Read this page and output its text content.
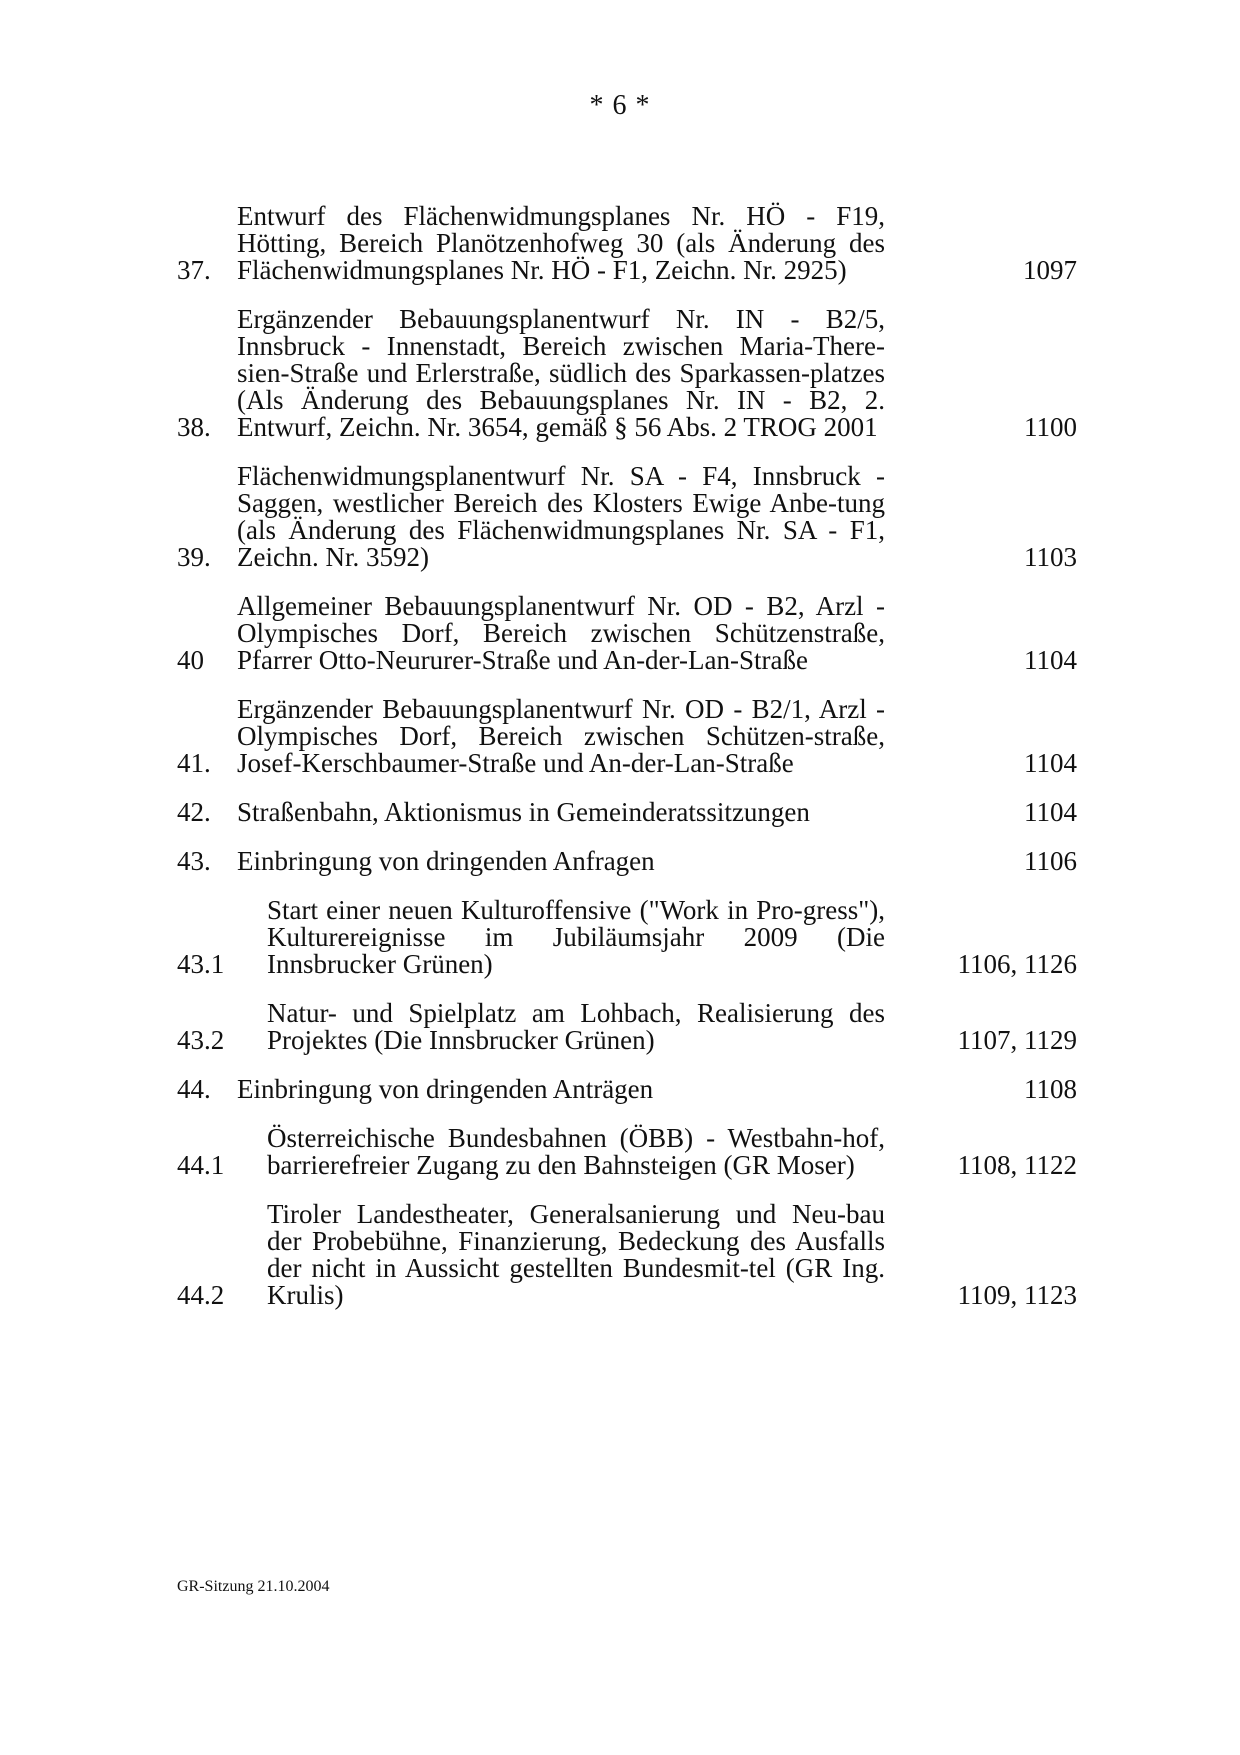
* 6 *
37.
Entwurf des Flächenwidmungsplanes Nr. HÖ - F19, Hötting, Bereich Planötzenhofweg 30 (als Änderung des Flächenwidmungsplanes Nr. HÖ - F1, Zeichn. Nr. 2925)	1097
38.
Ergänzender Bebauungsplanentwurf Nr. IN - B2/5, Innsbruck - Innenstadt, Bereich zwischen Maria-There-sien-Straße und Erlerstraße, südlich des Sparkassen-platzes (Als Änderung des Bebauungsplanes Nr. IN - B2, 2. Entwurf, Zeichn. Nr. 3654, gemäß § 56 Abs. 2 TROG 2001	1100
39.
Flächenwidmungsplanentwurf Nr. SA - F4, Innsbruck - Saggen, westlicher Bereich des Klosters Ewige Anbe-tung (als Änderung des Flächenwidmungsplanes Nr. SA - F1, Zeichn. Nr. 3592)	1103
40
Allgemeiner Bebauungsplanentwurf Nr. OD - B2, Arzl - Olympisches Dorf, Bereich zwischen Schützenstraße, Pfarrer Otto-Neururer-Straße und An-der-Lan-Straße	1104
41.
Ergänzender Bebauungsplanentwurf Nr. OD - B2/1, Arzl - Olympisches Dorf, Bereich zwischen Schützen-straße, Josef-Kerschbaumer-Straße und An-der-Lan-Straße	1104
42. Straßenbahn, Aktionismus in Gemeinderatssitzungen	1104
43. Einbringung von dringenden Anfragen	1106
43.1
Start einer neuen Kulturoffensive ("Work in Pro-gress"), Kulturereignisse im Jubiläumsjahr 2009 (Die Innsbrucker Grünen)	1106, 1126
43.2
Natur- und Spielplatz am Lohbach, Realisierung des Projektes (Die Innsbrucker Grünen)	1107, 1129
44. Einbringung von dringenden Anträgen	1108
44.1
Österreichische Bundesbahnen (ÖBB) - Westbahn-hof, barrierefreier Zugang zu den Bahnsteigen (GR Moser)	1108, 1122
44.2
Tiroler Landestheater, Generalsanierung und Neu-bau der Probebühne, Finanzierung, Bedeckung des Ausfalls der nicht in Aussicht gestellten Bundesmit-tel (GR Ing. Krulis)	1109, 1123
GR-Sitzung 21.10.2004
